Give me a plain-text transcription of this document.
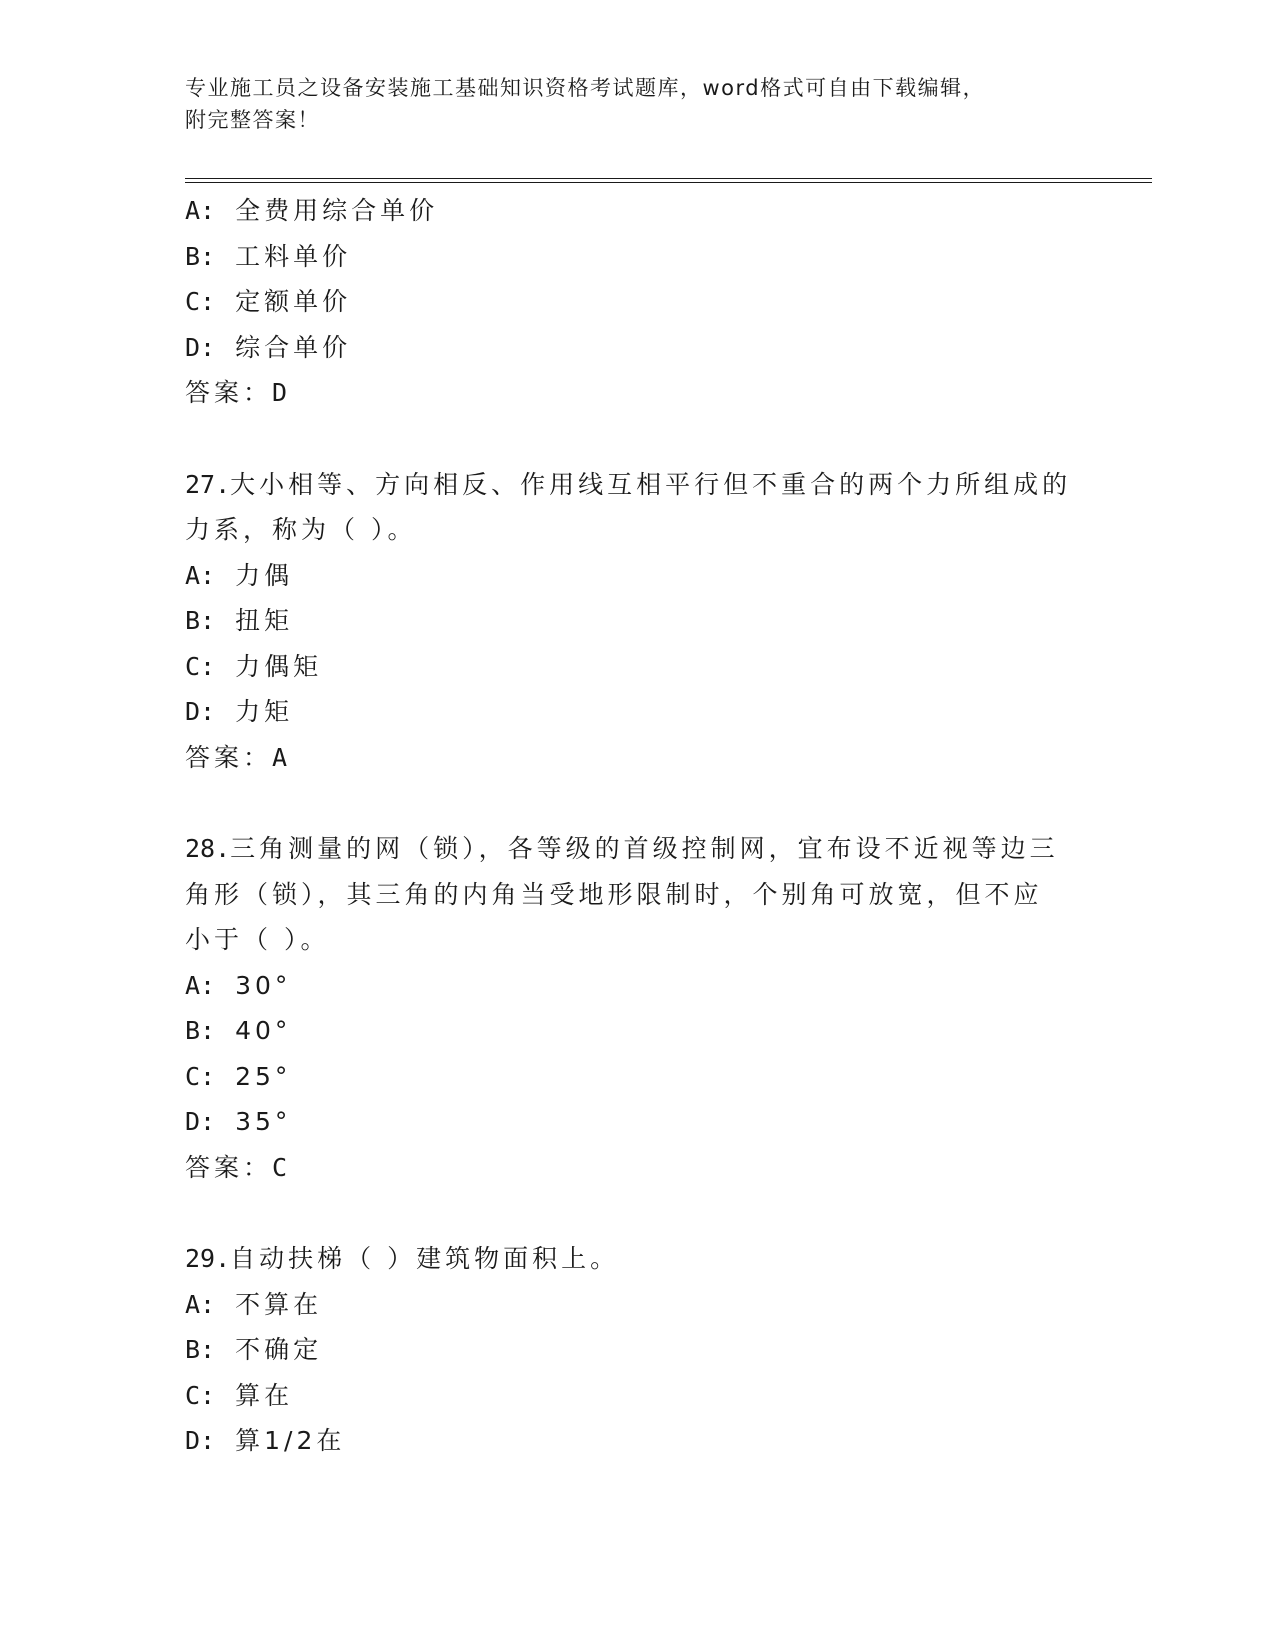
专业施工员之设备安装施工基础知识资格考试题库，word格式可自由下载编辑，

附完整答案！

A: 全费用综合单价
B: 工料单价
C: 定额单价
D: 综合单价
答案：D
27.大小相等、方向相反、作用线互相平行但不重合的两个力所组成的
力系，称为（ ）。
A: 力偶
B: 扭矩
C: 力偶矩
D: 力矩
答案：A
28.三角测量的网（锁），各等级的首级控制网，宜布设不近视等边三
角形（锁），其三角的内角当受地形限制时，个别角可放宽，但不应
小于（ ）。
A: 30°
B: 40°
C: 25°
D: 35°
答案：C
29.自动扶梯（ ）建筑物面积上。
A: 不算在
B: 不确定
C: 算在
D: 算1/2在
